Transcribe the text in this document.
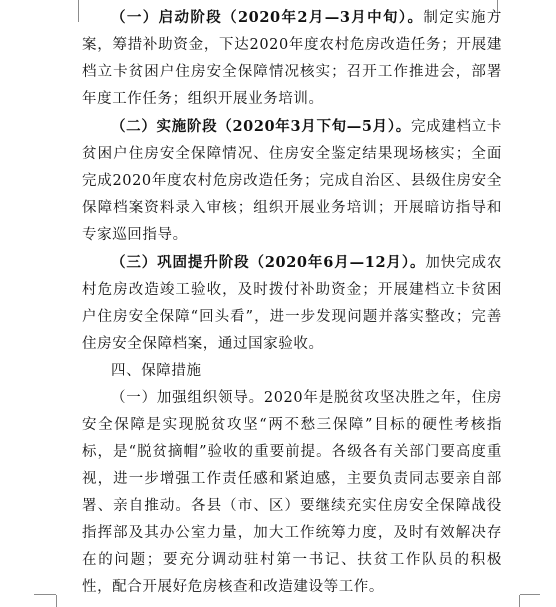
（一）启动阶段（2020年2月—3月中旬）。制定实施方案，筹措补助资金，下达2020年度农村危房改造任务；开展建档立卡贫困户住房安全保障情况核实；召开工作推进会，部署年度工作任务；组织开展业务培训。

（二）实施阶段（2020年3月下旬—5月）。完成建档立卡贫困户住房安全保障情况、住房安全鉴定结果现场核实；全面完成2020年度农村危房改造任务；完成自治区、县级住房安全保障档案资料录入审核；组织开展业务培训；开展暗访指导和专家巡回指导。

（三）巩固提升阶段（2020年6月—12月）。加快完成农村危房改造竣工验收，及时拨付补助资金；开展建档立卡贫困户住房安全保障“回头看”，进一步发现问题并落实整改；完善住房安全保障档案，通过国家验收。

四、保障措施

（一）加强组织领导。2020年是脱贫攻坚决胜之年，住房安全保障是实现脱贫攻坚“两不愁三保障”目标的硬性考核指标，是“脱贫摘帽”验收的重要前提。各级各有关部门要高度重视，进一步增强工作责任感和紧迫感，主要负责同志要亲自部署、亲自推动。各县（市、区）要继续充实住房安全保障战役指挥部及其办公室力量，加大工作统筹力度，及时有效解决存在的问题；要充分调动驻村第一书记、扶贫工作队员的积极性，配合开展好危房核查和改造建设等工作。
